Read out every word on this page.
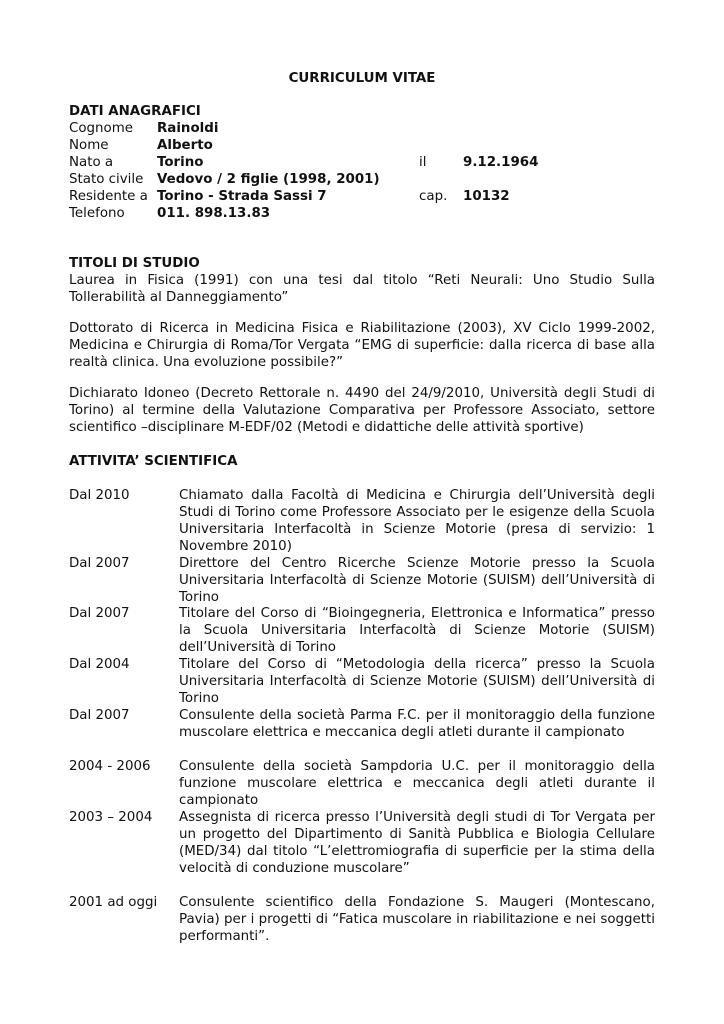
CURRICULUM VITAE
DATI ANAGRAFICI
Cognome Rainoldi
Nome	Alberto
Nato a	Torino	il	9.12.1964
Stato civile Vedovo / 2 figlie (1998, 2001)
Residente a Torino - Strada Sassi 7	cap. 10132
Telefono 011. 898.13.83
TITOLI DI STUDIO
Laurea in Fisica (1991) con una tesi dal titolo “Reti Neurali: Uno Studio Sulla Tollerabilità al Danneggiamento”
Dottorato di Ricerca in Medicina Fisica e Riabilitazione (2003), XV Ciclo 1999-2002, Medicina e Chirurgia di Roma/Tor Vergata “EMG di superficie: dalla ricerca di base alla realtà clinica. Una evoluzione possibile?”
Dichiarato Idoneo (Decreto Rettorale n. 4490 del 24/9/2010, Università degli Studi di Torino) al termine della Valutazione Comparativa per Professore Associato, settore scientifico –disciplinare M-EDF/02 (Metodi e didattiche delle attività sportive)
ATTIVITA’ SCIENTIFICA
Dal 2010	Chiamato dalla Facoltà di Medicina e Chirurgia dell’Università degli Studi di Torino come Professore Associato per le esigenze della Scuola Universitaria Interfacoltà in Scienze Motorie (presa di servizio: 1 Novembre 2010)
Dal 2007	Direttore del Centro Ricerche Scienze Motorie presso la Scuola Universitaria Interfacoltà di Scienze Motorie (SUISM) dell’Università di Torino
Dal 2007	Titolare del Corso di “Bioingegneria, Elettronica e Informatica” presso la Scuola Universitaria Interfacoltà di Scienze Motorie (SUISM) dell’Università di Torino
Dal 2004	Titolare del Corso di “Metodologia della ricerca” presso la Scuola Universitaria Interfacoltà di Scienze Motorie (SUISM) dell’Università di Torino
Dal 2007	Consulente della società Parma F.C. per il monitoraggio della funzione muscolare elettrica e meccanica degli atleti durante il campionato
2004 - 2006	Consulente della società Sampdoria U.C. per il monitoraggio della funzione muscolare elettrica e meccanica degli atleti durante il campionato
2003 – 2004	Assegnista di ricerca presso l’Università degli studi di Tor Vergata per un progetto del Dipartimento di Sanità Pubblica e Biologia Cellulare (MED/34) dal titolo “L’elettromiografia di superficie per la stima della velocità di conduzione muscolare”
2001 ad oggi	Consulente scientifico della Fondazione S. Maugeri (Montescano, Pavia) per i progetti di “Fatica muscolare in riabilitazione e nei soggetti performanti”.
